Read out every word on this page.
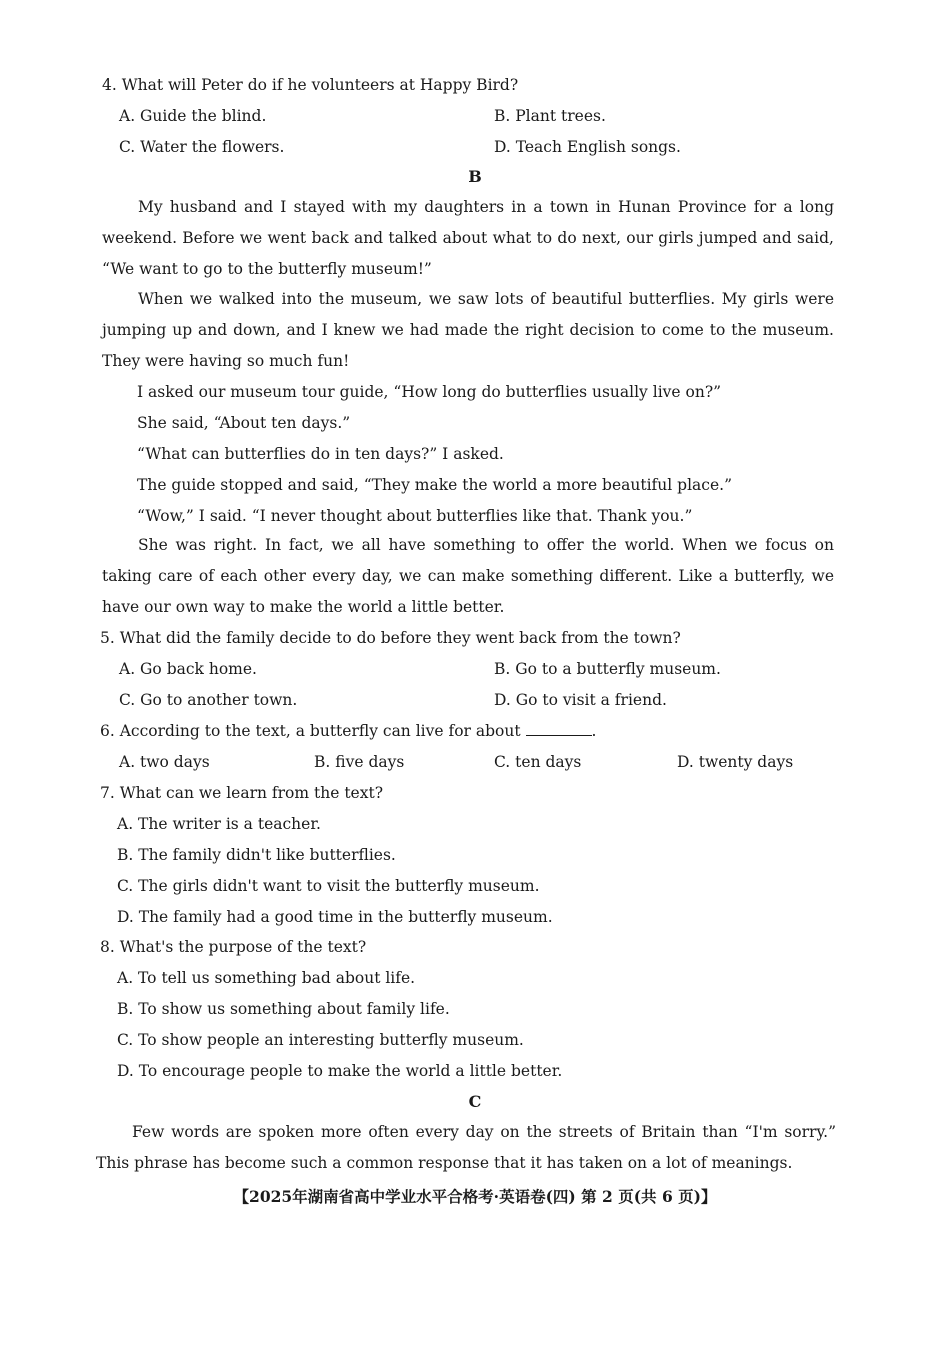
4. What will Peter do if he volunteers at Happy Bird?
A. Guide the blind.	B. Plant trees.
C. Water the flowers.	D. Teach English songs.
B
My husband and I stayed with my daughters in a town in Hunan Province for a long weekend. Before we went back and talked about what to do next, our girls jumped and said, “We want to go to the butterfly museum!”
When we walked into the museum, we saw lots of beautiful butterflies. My girls were jumping up and down, and I knew we had made the right decision to come to the museum. They were having so much fun!
I asked our museum tour guide, “How long do butterflies usually live on?”
She said, “About ten days.”
“What can butterflies do in ten days?” I asked.
The guide stopped and said, “They make the world a more beautiful place.”
“Wow,” I said. “I never thought about butterflies like that. Thank you.”
She was right. In fact, we all have something to offer the world. When we focus on taking care of each other every day, we can make something different. Like a butterfly, we have our own way to make the world a little better.
5. What did the family decide to do before they went back from the town?
A. Go back home.	B. Go to a butterfly museum.
C. Go to another town.	D. Go to visit a friend.
6. According to the text, a butterfly can live for about	.
A. two days	B. five days	C. ten days	D. twenty days
7. What can we learn from the text?
A. The writer is a teacher.
B. The family didn't like butterflies.
C. The girls didn't want to visit the butterfly museum.
D. The family had a good time in the butterfly museum.
8. What's the purpose of the text?
A. To tell us something bad about life.
B. To show us something about family life.
C. To show people an interesting butterfly museum.
D. To encourage people to make the world a little better.
C
Few words are spoken more often every day on the streets of Britain than “I'm sorry.” This phrase has become such a common response that it has taken on a lot of meanings.
【2025年湖南省高中学业水平合格考·英语卷(四) 第 2 页(共 6 页)】
